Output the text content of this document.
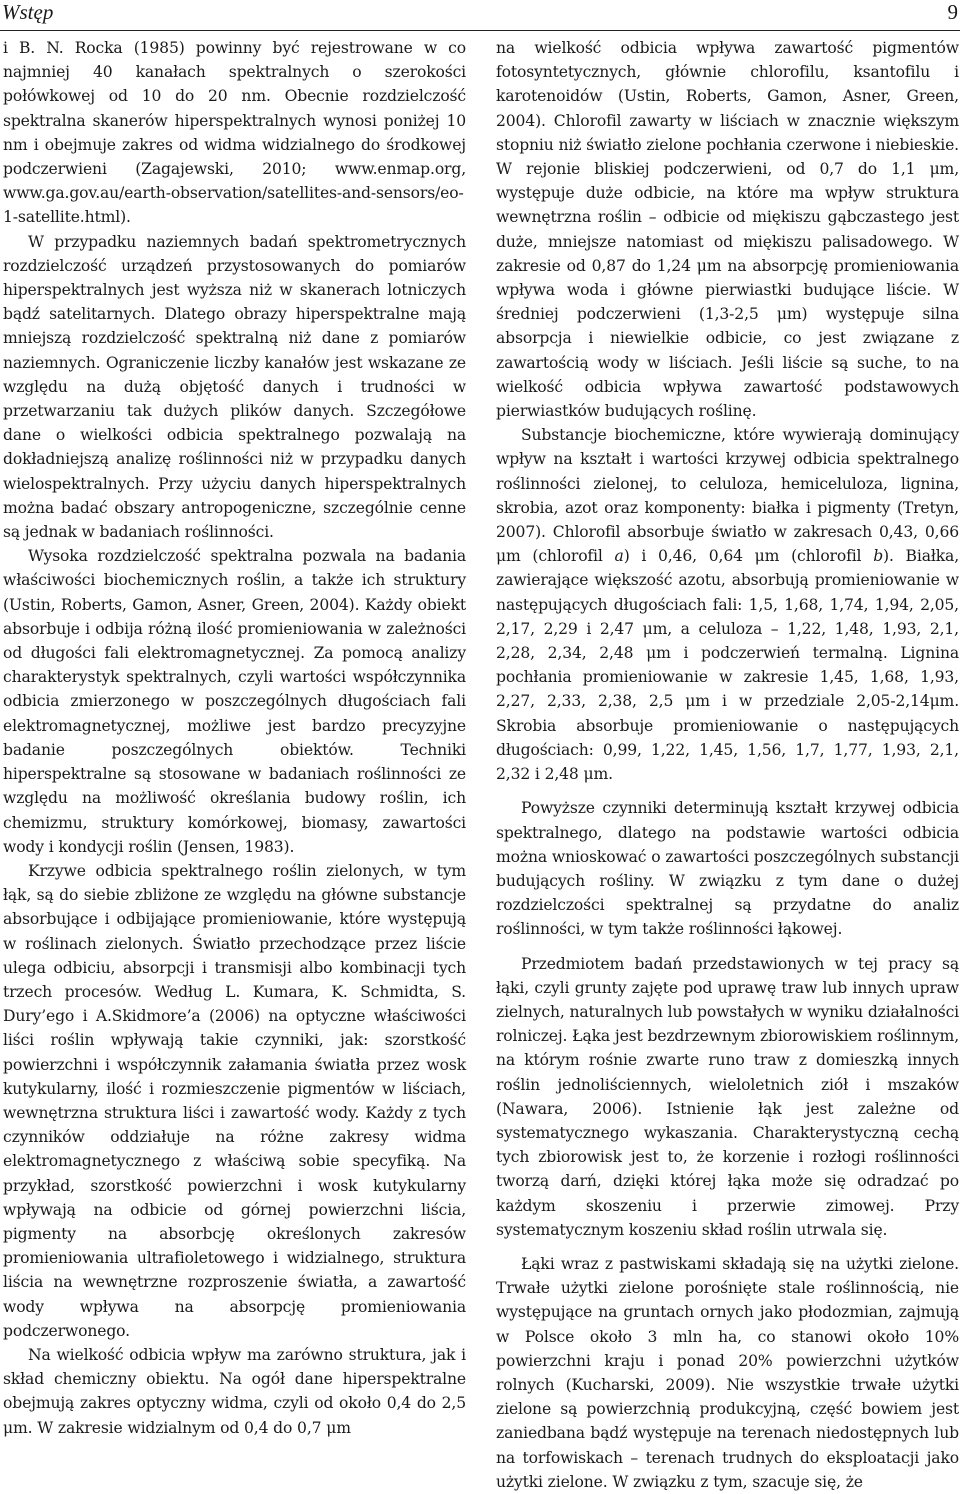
Wstęp	9

i B. N. Rocka (1985) powinny być rejestrowane w co najmniej 40 kanałach spektralnych o szerokości połówkowej od 10 do 20 nm. Obecnie rozdzielczość spektralna skanerów hiperspektralnych wynosi poniżej 10 nm i obejmuje zakres od widma widzialnego do środkowej podczerwieni (Zagajewski, 2010; www.enmap.org, www.ga.gov.au/earth-observation/satellites-and-sensors/eo-1-satellite.html).

W przypadku naziemnych badań spektrometrycznych rozdzielczość urządzeń przystosowanych do pomiarów hiperspektralnych jest wyższa niż w skanerach lotniczych bądź satelitarnych. Dlatego obrazy hiperspektralne mają mniejszą rozdzielczość spektralną niż dane z pomiarów naziemnych. Ograniczenie liczby kanałów jest wskazane ze względu na dużą objętość danych i trudności w przetwarzaniu tak dużych plików danych. Szczegółowe dane o wielkości odbicia spektralnego pozwalają na dokładniejszą analizę roślinności niż w przypadku danych wielospektralnych. Przy użyciu danych hiperspektralnych można badać obszary antropogeniczne, szczególnie cenne są jednak w badaniach roślinności.

Wysoka rozdzielczość spektralna pozwala na badania właściwości biochemicznych roślin, a także ich struktury (Ustin, Roberts, Gamon, Asner, Green, 2004). Każdy obiekt absorbuje i odbija różną ilość promieniowania w zależności od długości fali elektromagnetycznej. Za pomocą analizy charakterystyk spektralnych, czyli wartości współczynnika odbicia zmierzonego w poszczególnych długościach fali elektromagnetycznej, możliwe jest bardzo precyzyjne badanie poszczególnych obiektów. Techniki hiperspektralne są stosowane w badaniach roślinności ze względu na możliwość określania budowy roślin, ich chemizmu, struktury komórkowej, biomasy, zawartości wody i kondycji roślin (Jensen, 1983).

Krzywe odbicia spektralnego roślin zielonych, w tym łąk, są do siebie zbliżone ze względu na główne substancje absorbujące i odbijające promieniowanie, które występują w roślinach zielonych. Światło przechodzące przez liście ulega odbiciu, absorpcji i transmisji albo kombinacji tych trzech procesów. Według L. Kumara, K. Schmidta, S. Dury’ego i A.Skidmore’a (2006) na optyczne właściwości liści roślin wpływają takie czynniki, jak: szorstkość powierzchni i współczynnik załamania światła przez wosk kutykularny, ilość i rozmieszczenie pigmentów w liściach, wewnętrzna struktura liści i zawartość wody. Każdy z tych czynników oddziałuje na różne zakresy widma elektromagnetycznego z właściwą sobie specyfiką. Na przykład, szorstkość powierzchni i wosk kutykularny wpływają na odbicie od górnej powierzchni liścia, pigmenty na absorbcję określonych zakresów promieniowania ultrafioletowego i widzialnego, struktura liścia na wewnętrzne rozproszenie światła, a zawartość wody wpływa na absorpcję promieniowania podczerwonego.

Na wielkość odbicia wpływ ma zarówno struktura, jak i skład chemiczny obiektu. Na ogół dane hiperspektralne obejmują zakres optyczny widma, czyli od około 0,4 do 2,5 μm. W zakresie widzialnym od 0,4 do 0,7 μm

na wielkość odbicia wpływa zawartość pigmentów fotosyntetycznych, głównie chlorofilu, ksantofilu i karotenoidów (Ustin, Roberts, Gamon, Asner, Green, 2004). Chlorofil zawarty w liściach w znacznie większym stopniu niż światło zielone pochłania czerwone i niebieskie. W rejonie bliskiej podczerwieni, od 0,7 do 1,1 μm, występuje duże odbicie, na które ma wpływ struktura wewnętrzna roślin – odbicie od miękiszu gąbczastego jest duże, mniejsze natomiast od miękiszu palisadowego. W zakresie od 0,87 do 1,24 μm na absorpcję promieniowania wpływa woda i główne pierwiastki budujące liście. W średniej podczerwieni (1,3-2,5 μm) występuje silna absorpcja i niewielkie odbicie, co jest związane z zawartością wody w liściach. Jeśli liście są suche, to na wielkość odbicia wpływa zawartość podstawowych pierwiastków budujących roślinę.

Substancje biochemiczne, które wywierają dominujący wpływ na kształt i wartości krzywej odbicia spektralnego roślinności zielonej, to celuloza, hemiceluloza, lignina, skrobia, azot oraz komponenty: białka i pigmenty (Tretyn, 2007). Chlorofil absorbuje światło w zakresach 0,43, 0,66 μm (chlorofil a) i 0,46, 0,64 μm (chlorofil b). Białka, zawierające większość azotu, absorbują promieniowanie w następujących długościach fali: 1,5, 1,68, 1,74, 1,94, 2,05, 2,17, 2,29 i 2,47 μm, a celuloza – 1,22, 1,48, 1,93, 2,1, 2,28, 2,34, 2,48 μm i podczerwień termalną. Lignina pochłania promieniowanie w zakresie 1,45, 1,68, 1,93, 2,27, 2,33, 2,38, 2,5 μm i w przedziale 2,05-2,14μm. Skrobia absorbuje promieniowanie o następujących długościach: 0,99, 1,22, 1,45, 1,56, 1,7, 1,77, 1,93, 2,1, 2,32 i 2,48 μm.

Powyższe czynniki determinują kształt krzywej odbicia spektralnego, dlatego na podstawie wartości odbicia można wnioskować o zawartości poszczególnych substancji budujących rośliny. W związku z tym dane o dużej rozdzielczości spektralnej są przydatne do analiz roślinności, w tym także roślinności łąkowej.

Przedmiotem badań przedstawionych w tej pracy są łąki, czyli grunty zajęte pod uprawę traw lub innych upraw zielnych, naturalnych lub powstałych w wyniku działalności rolniczej. Łąka jest bezdrzewnym zbiorowiskiem roślinnym, na którym rośnie zwarte runo traw z domieszką innych roślin jednoliściennych, wieloletnich ziół i mszaków (Nawara, 2006). Istnienie łąk jest zależne od systematycznego wykaszania. Charakterystyczną cechą tych zbiorowisk jest to, że korzenie i rozłogi roślinności tworzą darń, dzięki której łąka może się odradzać po każdym skoszeniu i przerwie zimowej. Przy systematycznym koszeniu skład roślin utrwala się.

Łąki wraz z pastwiskami składają się na użytki zielone. Trwałe użytki zielone porośnięte stale roślinnością, nie występujące na gruntach ornych jako płodozmian, zajmują w Polsce około 3 mln ha, co stanowi około 10% powierzchni kraju i ponad 20% powierzchni użytków rolnych (Kucharski, 2009). Nie wszystkie trwałe użytki zielone są powierzchnią produkcyjną, część bowiem jest zaniedbana bądź występuje na terenach niedostępnych lub na torfowiskach – terenach trudnych do eksploatacji jako użytki zielone. W związku z tym, szacuje się, że
